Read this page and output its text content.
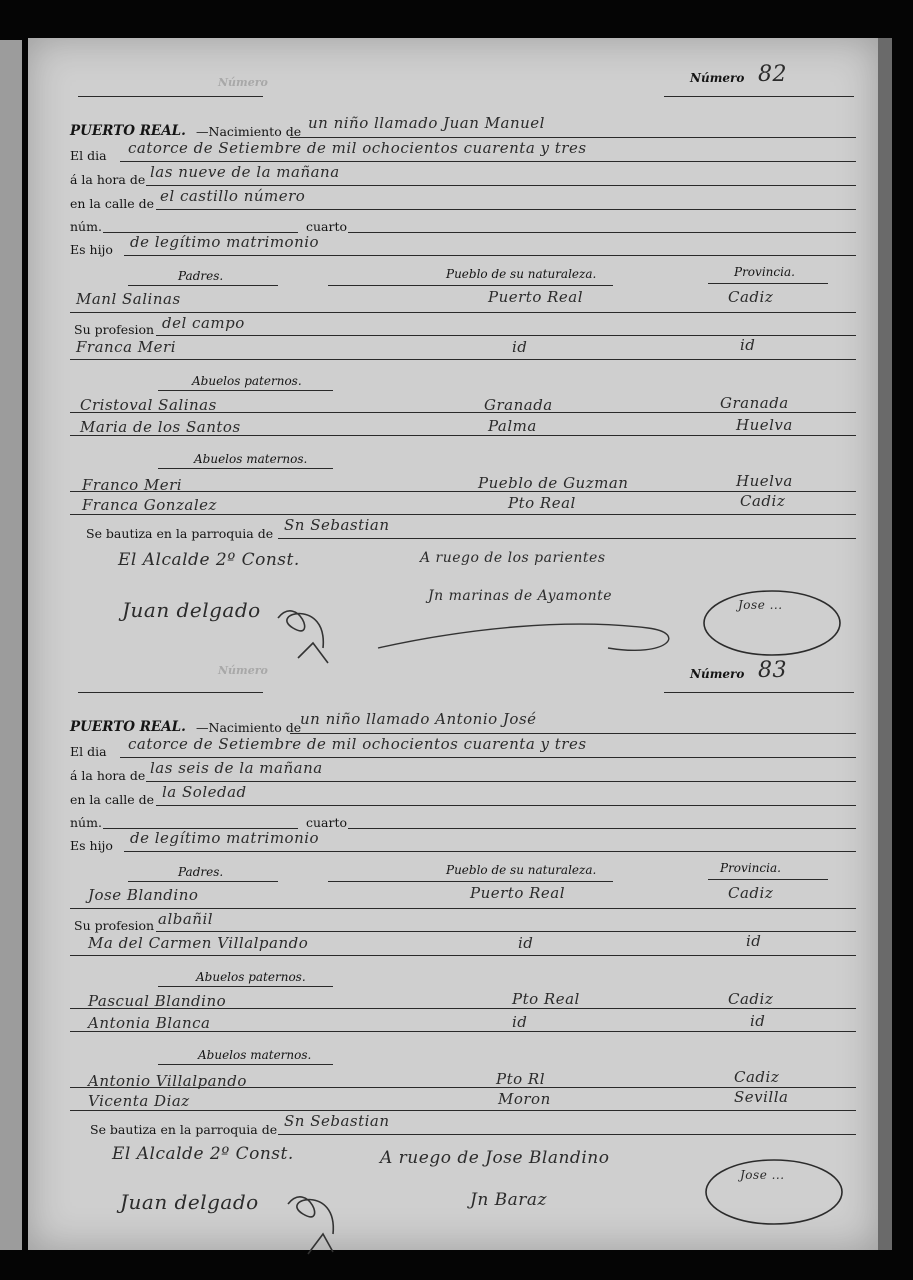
Número	Número 82
PUERTO REAL. —Nacimiento de un niño llamado Juan Manuel
El dia catorce de Setiembre de mil ochocientos cuarenta y tres
á la hora de las nueve de la mañana
en la calle de el castillo número
núm.	cuarto
Es hijo de legítimo matrimonio
Padres.	Pueblo de su naturaleza.	Provincia.
Manl Salinas	Puerto Real	Cadiz
Su profesion del campo
Franca Meri	id	id
Abuelos paternos.
Cristoval Salinas	Granada	Granada
Maria de los Santos	Palma	Huelva
Abuelos maternos.
Franco Meri	Pueblo de Guzman	Huelva
Franca Gonzalez	Pto Real	Cadiz
Se bautiza en la parroquia de Sn Sebastian
El Alcalde 2º Const.	A ruego de los parientes
Juan delgado
Jn marinas de Ayamonte
Jose ...
Número	Número 83
PUERTO REAL. —Nacimiento de
un niño llamado Antonio José
El dia catorce de Setiembre de mil ochocientos cuarenta y tres
á la hora de las seis de la mañana
en la calle de la Soledad
núm.	cuarto
Es hijo de legítimo matrimonio
Padres.	Pueblo de su naturaleza.	Provincia.
Jose Blandino	Puerto Real	Cadiz
Su profesion albañil
Ma del Carmen Villalpando	id	id
Abuelos paternos.
Pascual Blandino	Pto Real	Cadiz
Antonia Blanca	id	id
Abuelos maternos.
Antonio Villalpando	Pto Rl	Cadiz
Vicenta Diaz	Moron	Sevilla
Se bautiza en la parroquia de Sn Sebastian
El Alcalde 2º Const.	A ruego de Jose Blandino
Juan delgado	Jn Baraz
Jose ...
